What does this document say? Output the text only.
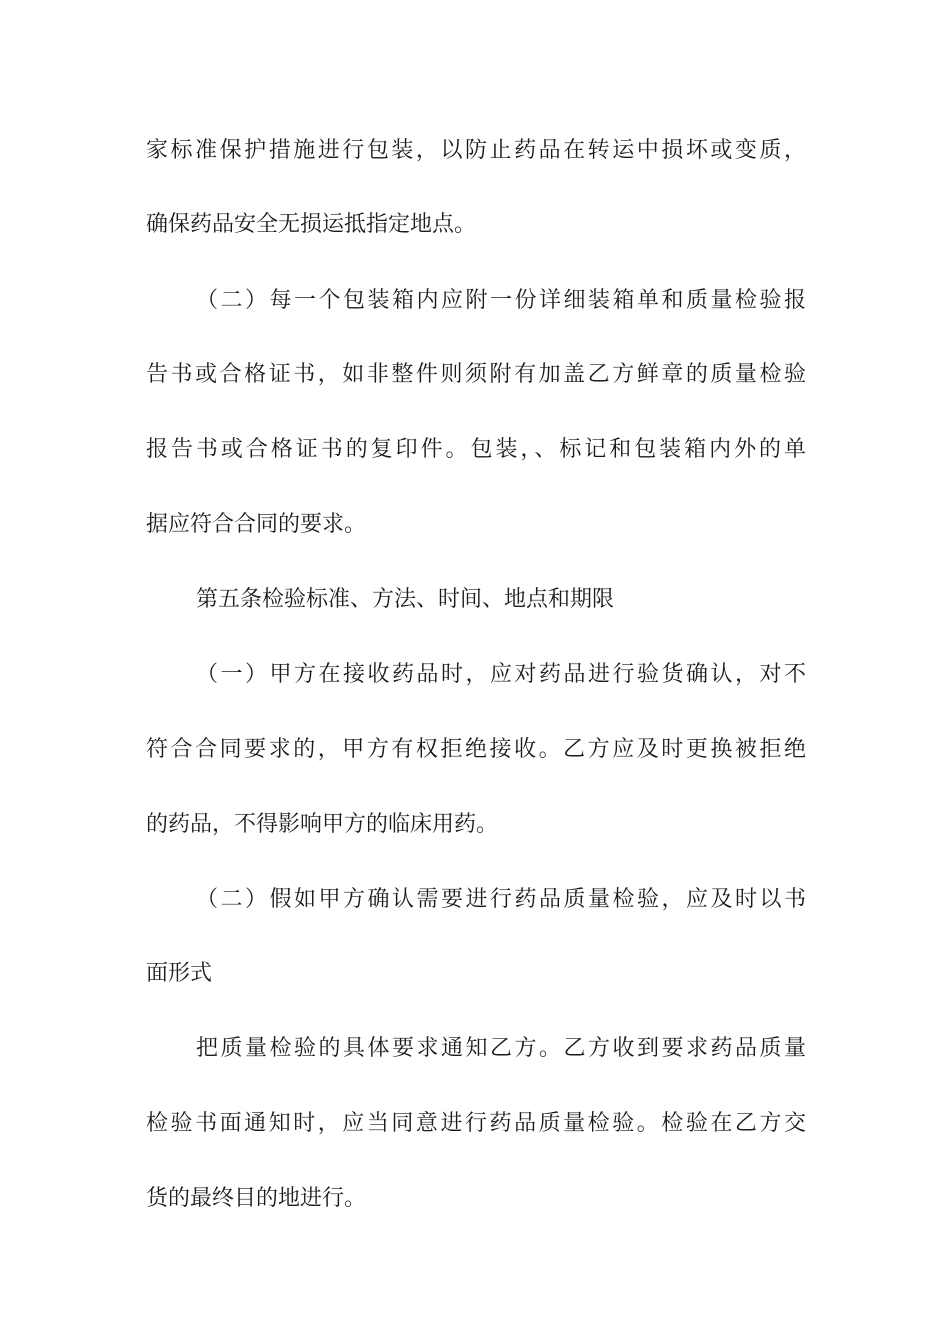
家标准保护措施进行包装，以防止药品在转运中损坏或变质，
确保药品安全无损运抵指定地点。
（二）每一个包装箱内应附一份详细装箱单和质量检验报
告书或合格证书，如非整件则须附有加盖乙方鲜章的质量检验
报告书或合格证书的复印件。包装，、标记和包装箱内外的单
据应符合合同的要求。
第五条检验标准、方法、时间、地点和期限
（一）甲方在接收药品时，应对药品进行验货确认，对不
符合合同要求的，甲方有权拒绝接收。乙方应及时更换被拒绝
的药品，不得影响甲方的临床用药。
（二）假如甲方确认需要进行药品质量检验，应及时以书
面形式
把质量检验的具体要求通知乙方。乙方收到要求药品质量
检验书面通知时，应当同意进行药品质量检验。检验在乙方交
货的最终目的地进行。
